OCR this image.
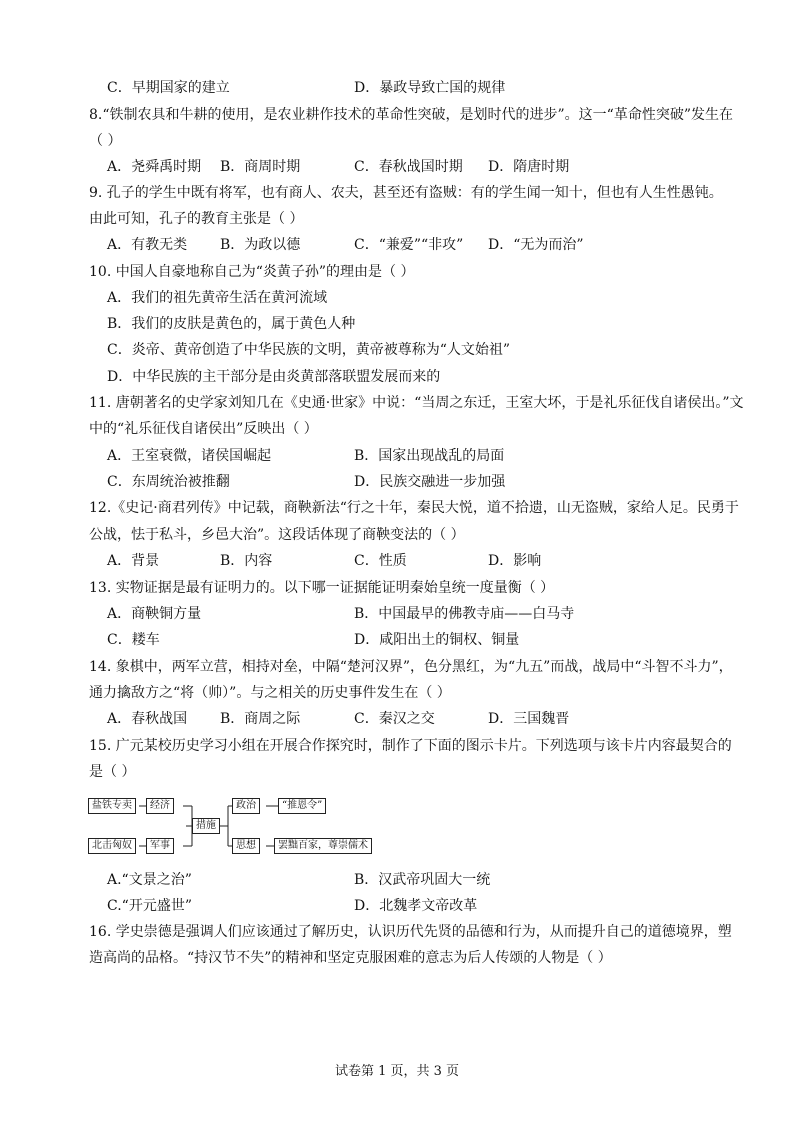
C．早期国家的建立	D．暴政导致亡国的规律
8.“铁制农具和牛耕的使用，是农业耕作技术的革命性突破，是划时代的进步”。这一“革命性突破”发生在
（ ）
A．尧舜禹时期 B．商周时期	C．春秋战国时期 D．隋唐时期
9. 孔子的学生中既有将军，也有商人、农夫，甚至还有盗贼：有的学生闻一知十，但也有人生性愚钝。
由此可知，孔子的教育主张是（ ）
A．有教无类 B．为政以德	C．“兼爱”“非攻” D．“无为而治”
10. 中国人自豪地称自己为“炎黄子孙”的理由是（ ）
A．我们的祖先黄帝生活在黄河流域
B．我们的皮肤是黄色的，属于黄色人种
C．炎帝、黄帝创造了中华民族的文明，黄帝被尊称为“人文始祖”
D．中华民族的主干部分是由炎黄部落联盟发展而来的
11. 唐朝著名的史学家刘知几在《史通·世家》中说：“当周之东迁，王室大坏，于是礼乐征伐自诸侯出。”文
中的“礼乐征伐自诸侯出”反映出（ ）
A．王室衰微，诸侯国崛起	B．国家出现战乱的局面
C．东周统治被推翻	D．民族交融进一步加强
12.《史记·商君列传》中记载，商鞅新法“行之十年，秦民大悦，道不拾遗，山无盗贼，家给人足。民勇于
公战，怯于私斗，乡邑大治”。这段话体现了商鞅变法的（ ）
A．背景	B．内容	C．性质	D．影响
13. 实物证据是最有证明力的。以下哪一证据能证明秦始皇统一度量衡（ ）
A．商鞅铜方量	B．中国最早的佛教寺庙——白马寺
C．耧车	D．咸阳出土的铜权、铜量
14. 象棋中，两军立营，相持对垒，中隔“楚河汉界”，色分黑红，为“九五”而战，战局中“斗智不斗力”，
通力擒敌方之“将（帅）”。与之相关的历史事件发生在（ ）
A．春秋战国 B．商周之际	C．秦汉之交	D．三国魏晋
15. 广元某校历史学习小组在开展合作探究时，制作了下面的图示卡片。下列选项与该卡片内容最契合的
是（ ）
盐铁专卖
北击匈奴
经济
军事
措施
政治
思想
“推恩令”
罢黜百家，尊崇儒术
A.“文景之治”	B．汉武帝巩固大一统
C.“开元盛世”	D．北魏孝文帝改革
16. 学史崇德是强调人们应该通过了解历史，认识历代先贤的品德和行为，从而提升自己的道德境界，塑
造高尚的品格。“持汉节不失”的精神和坚定克服困难的意志为后人传颂的人物是（ ）
试卷第 1 页，共 3 页
